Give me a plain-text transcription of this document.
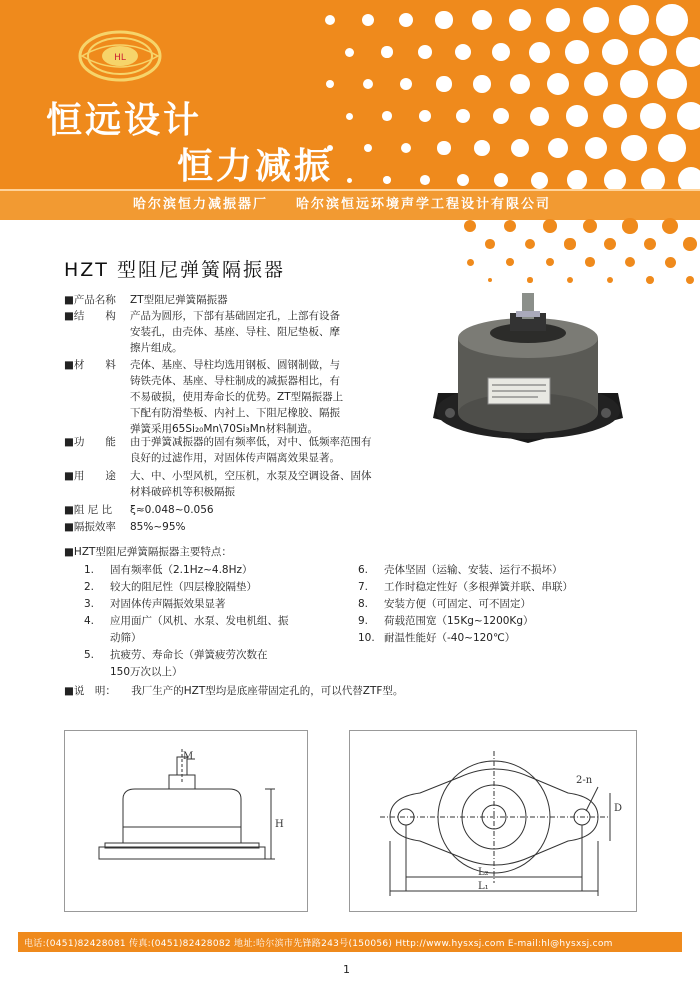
HL
恒远设计
恒力减振
哈尔滨恒力减振器厂 哈尔滨恒远环境声学工程设计有限公司
HZT 型阻尼弹簧隔振器
■产品名称 ZT型阻尼弹簧隔振器
■结　　构 产品为圆形，下部有基础固定孔，上部有设备安装孔，由壳体、基座、导柱、阻尼垫板、摩擦片组成。
■材　　料 壳体、基座、导柱均选用钢板、圆钢制做，与铸铁壳体、基座、导柱制成的减振器相比，有不易破损，使用寿命长的优势。ZT型隔振器上下配有防滑垫板、内衬上、下阻尼橡胶、隔振弹簧采用65Si₂₀Mn\70Si₃Mn材料制造。
■功　　能 由于弹簧减振器的固有频率低，对中、低频率范围有良好的过滤作用，对固体传声隔离效果显著。
■用　　途 大、中、小型风机，空压机，水泵及空调设备、固体材料破碎机等积极隔振
■阻 尼 比 ξ≈0.048~0.056
■隔振效率 85%~95%
■HZT型阻尼弹簧隔振器主要特点：
1. 固有频率低（2.1Hz~4.8Hz）
2. 较大的阻尼性（四层橡胶隔垫）
3. 对固体传声隔振效果显著
4. 应用面广（风机、水泵、发电机组、振
动筛）
5. 抗疲劳、寿命长（弹簧疲劳次数在
150万次以上）
6. 壳体坚固（运输、安装、运行不损坏）
7. 工作时稳定性好（多根弹簧并联、串联）
8. 安装方便（可固定、可不固定）
9. 荷载范围宽（15Kg~1200Kg）
10. 耐温性能好（-40~120℃）
■说　明： 我厂生产的HZT型均是底座带固定孔的，可以代替ZTF型。
M
H
2-n
D
L₂
L₁
电话:(0451)82428081 传真:(0451)82428082 地址:哈尔滨市先锋路243号(150056) Http://www.hysxsj.com E-mail:hl@hysxsj.com
1
